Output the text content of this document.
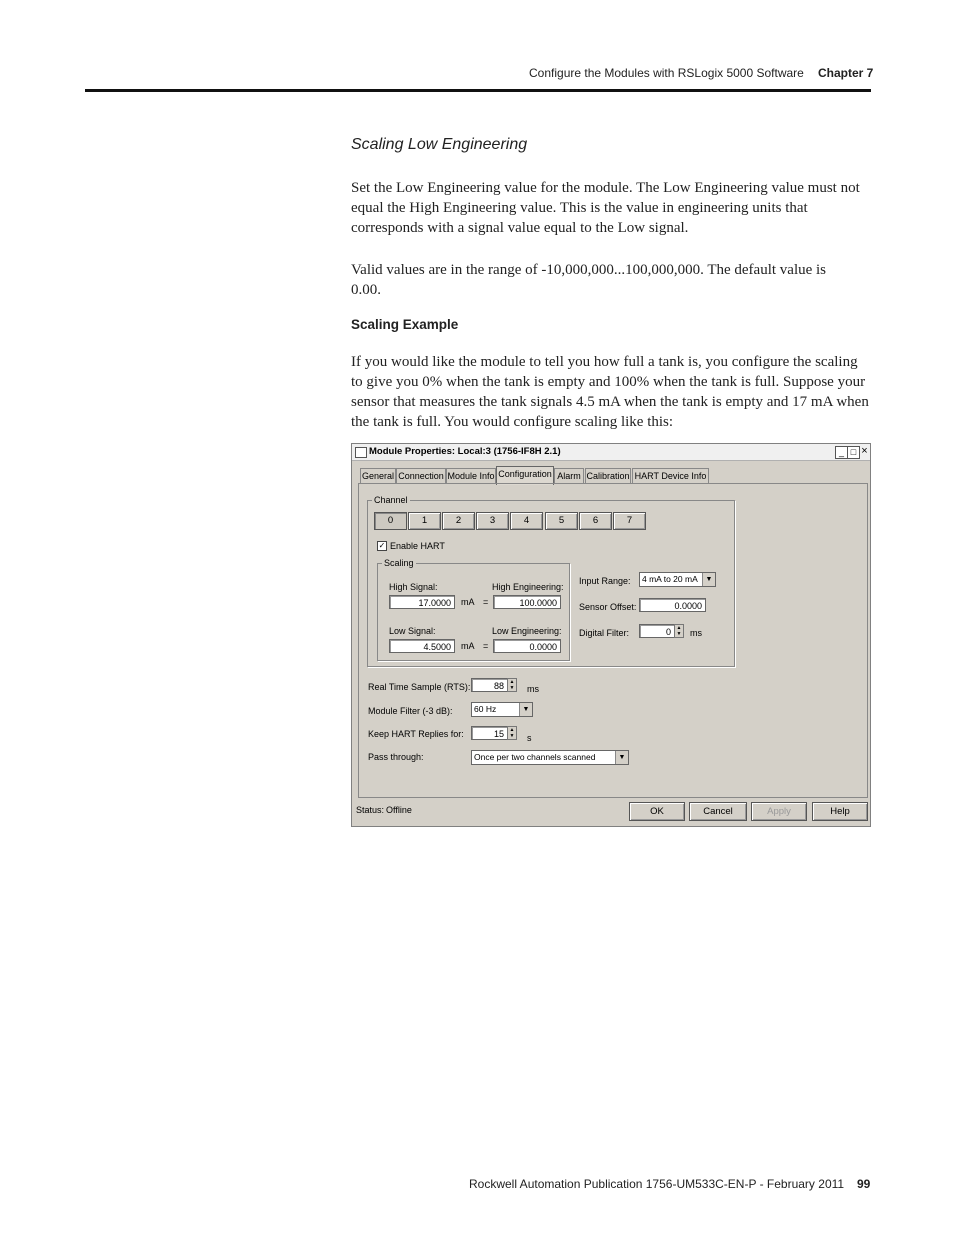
Configure the Modules with RSLogix 5000 Software Chapter 7
Scaling Low Engineering
Set the Low Engineering value for the module. The Low Engineering value must not equal the High Engineering value. This is the value in engineering units that corresponds with a signal value equal to the Low signal.
Valid values are in the range of -10,000,000...100,000,000. The default value is 0.00.
Scaling Example
If you would like the module to tell you how full a tank is, you configure the scaling to give you 0% when the tank is empty and 100% when the tank is full. Suppose your sensor that measures the tank signals 4.5 mA when the tank is empty and 17 mA when the tank is full. You would configure scaling like this:
Module Properties: Local:3 (1756-IF8H 2.1)	_ □ ×
General Connection Module Info Configuration Alarm Calibration HART Device Info
Channel
0	1	2	3	4	5	6	7
✓ Enable HART
Scaling
High Signal:
17.0000	mA =
High Engineering:
100.0000
Low Signal:
4.5000	mA =
Low Engineering:
0.0000
Input Range:	4 mA to 20 mA	▼
Sensor Offset:	0.0000
Digital Filter:	0	▲
▼ ms
Real Time Sample (RTS):	88	▲
▼ ms
Module Filter (-3 dB):	60 Hz	▼
Keep HART Replies for:	15	▲
▼ s
Pass through:	Once per two channels scanned	▼
Status: Offline	OK	Cancel	Apply	Help
Rockwell Automation Publication 1756-UM533C-EN-P - February 2011 99
